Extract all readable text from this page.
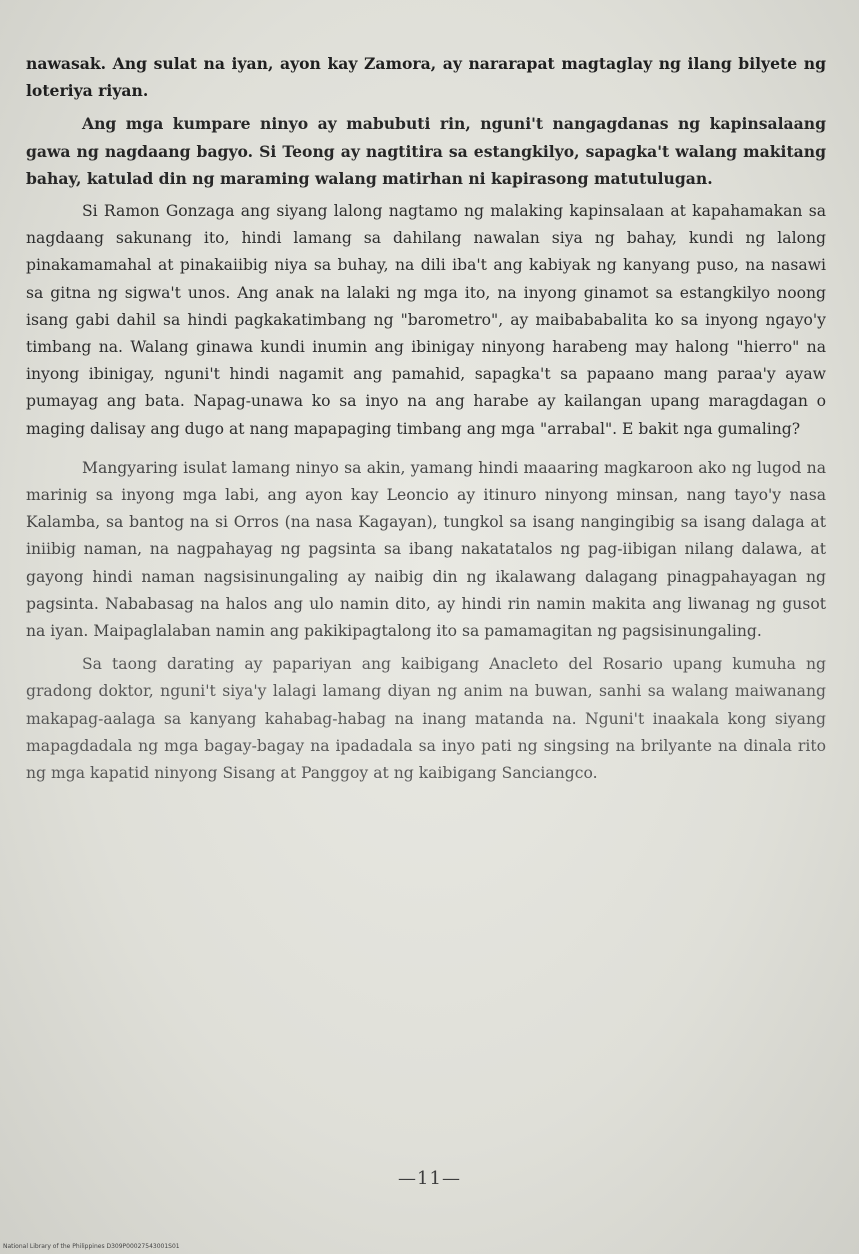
nawasak. Ang sulat na iyan, ayon kay Zamora, ay nararapat magtaglay ng ilang bilyete ng loteriya riyan.

Ang mga kumpare ninyo ay mabubuti rin, nguni't nangagdanas ng kapinsalaang gawa ng nagdaang bagyo. Si Teong ay nagtitira sa estangkilyo, sapagka't walang makitang bahay, katulad din ng maraming walang matirhan ni kapirasong matutulugan.

Si Ramon Gonzaga ang siyang lalong nagtamo ng malaking kapinsalaan at kapahamakan sa nagdaang sakunang ito, hindi lamang sa dahilang nawalan siya ng bahay, kundi ng lalong pinakamamahal at pinakaiibig niya sa buhay, na dili iba't ang kabiyak ng kanyang puso, na nasawi sa gitna ng sigwa't unos. Ang anak na lalaki ng mga ito, na inyong ginamot sa estangkilyo noong isang gabi dahil sa hindi pagkakatimbang ng "barometro", ay maibababalita ko sa inyong ngayo'y timbang na. Walang ginawa kundi inumin ang ibinigay ninyong harabeng may halong "hierro" na inyong ibinigay, nguni't hindi nagamit ang pamahid, sapagka't sa papaano mang paraa'y ayaw pumayag ang bata. Napag-unawa ko sa inyo na ang harabe ay kailangan upang maragdagan o maging dalisay ang dugo at nang mapapaging timbang ang mga "arrabal". E bakit nga gumaling?

Mangyaring isulat lamang ninyo sa akin, yamang hindi maaaring magkaroon ako ng lugod na marinig sa inyong mga labi, ang ayon kay Leoncio ay itinuro ninyong minsan, nang tayo'y nasa Kalamba, sa bantog na si Orros (na nasa Kagayan), tungkol sa isang nangingibig sa isang dalaga at iniibig naman, na nagpahayag ng pagsinta sa ibang nakatatalos ng pag-iibigan nilang dalawa, at gayong hindi naman nagsisinungaling ay naibig din ng ikalawang dalagang pinagpahayagan ng pagsinta. Nababasag na halos ang ulo namin dito, ay hindi rin namin makita ang liwanag ng gusot na iyan. Maipaglalaban namin ang pakikipagtalong ito sa pamamagitan ng pagsisinungaling.

Sa taong darating ay papariyan ang kaibigang Anacleto del Rosario upang kumuha ng gradong doktor, nguni't siya'y lalagi lamang diyan ng anim na buwan, sanhi sa walang maiwanang makapag-aalaga sa kanyang kahabag-habag na inang matanda na. Nguni't inaakala kong siyang mapagdadala ng mga bagay-bagay na ipadadala sa inyo pati ng singsing na brilyante na dinala rito ng mga kapatid ninyong Sisang at Panggoy at ng kaibigang Sanciangco.

—11—
National Library of the Philippines D309P00027543001S01
